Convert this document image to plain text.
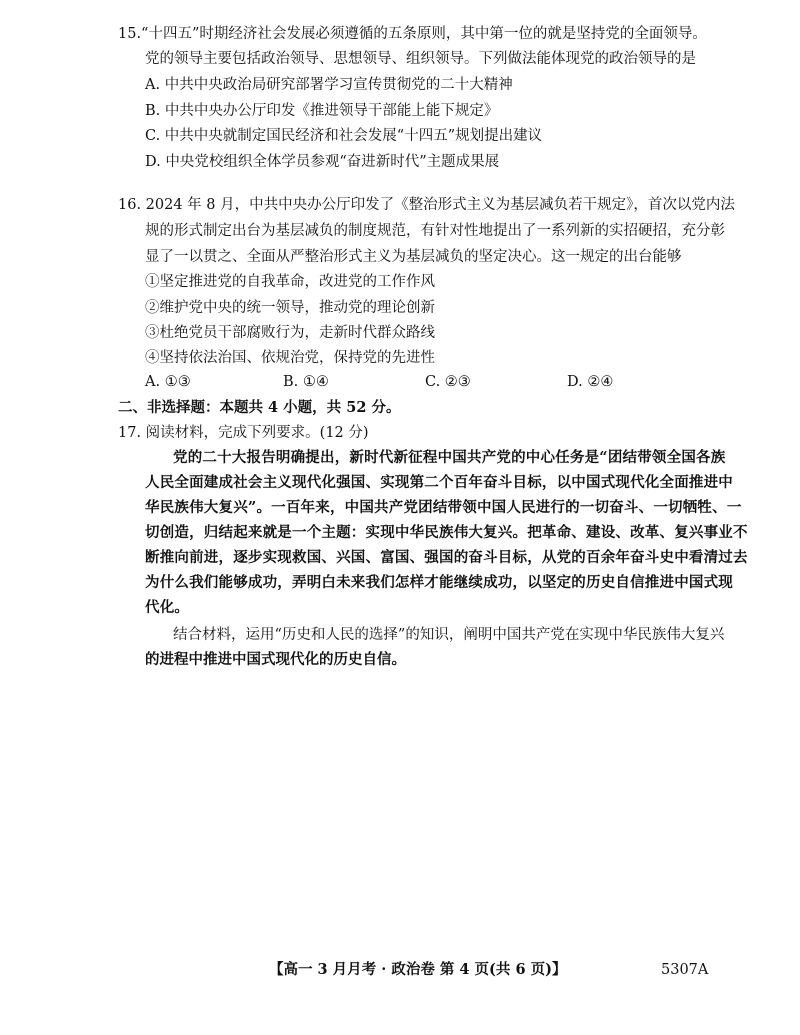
15.“十四五”时期经济社会发展必须遵循的五条原则，其中第一位的就是坚持党的全面领导。
党的领导主要包括政治领导、思想领导、组织领导。下列做法能体现党的政治领导的是
A. 中共中央政治局研究部署学习宣传贯彻党的二十大精神
B. 中共中央办公厅印发《推进领导干部能上能下规定》
C. 中共中央就制定国民经济和社会发展“十四五”规划提出建议
D. 中央党校组织全体学员参观“奋进新时代”主题成果展
16. 2024 年 8 月，中共中央办公厅印发了《整治形式主义为基层减负若干规定》，首次以党内法
规的形式制定出台为基层减负的制度规范，有针对性地提出了一系列新的实招硬招，充分彰
显了一以贯之、全面从严整治形式主义为基层减负的坚定决心。这一规定的出台能够
①坚定推进党的自我革命，改进党的工作作风
②维护党中央的统一领导，推动党的理论创新
③杜绝党员干部腐败行为，走新时代群众路线
④坚持依法治国、依规治党，保持党的先进性
A. ①③	B. ①④	C. ②③	D. ②④
二、非选择题：本题共 4 小题，共 52 分。
17. 阅读材料，完成下列要求。(12 分)
党的二十大报告明确提出，新时代新征程中国共产党的中心任务是“团结带领全国各族
人民全面建成社会主义现代化强国、实现第二个百年奋斗目标，以中国式现代化全面推进中
华民族伟大复兴”。一百年来，中国共产党团结带领中国人民进行的一切奋斗、一切牺牲、一
切创造，归结起来就是一个主题：实现中华民族伟大复兴。把革命、建设、改革、复兴事业不
断推向前进，逐步实现救国、兴国、富国、强国的奋斗目标，从党的百余年奋斗史中看清过去
为什么我们能够成功，弄明白未来我们怎样才能继续成功，以坚定的历史自信推进中国式现
代化。
结合材料，运用“历史和人民的选择”的知识，阐明中国共产党在实现中华民族伟大复兴
的进程中推进中国式现代化的历史自信。
【高一 3 月月考 · 政治卷 第 4 页(共 6 页)】	5307A
